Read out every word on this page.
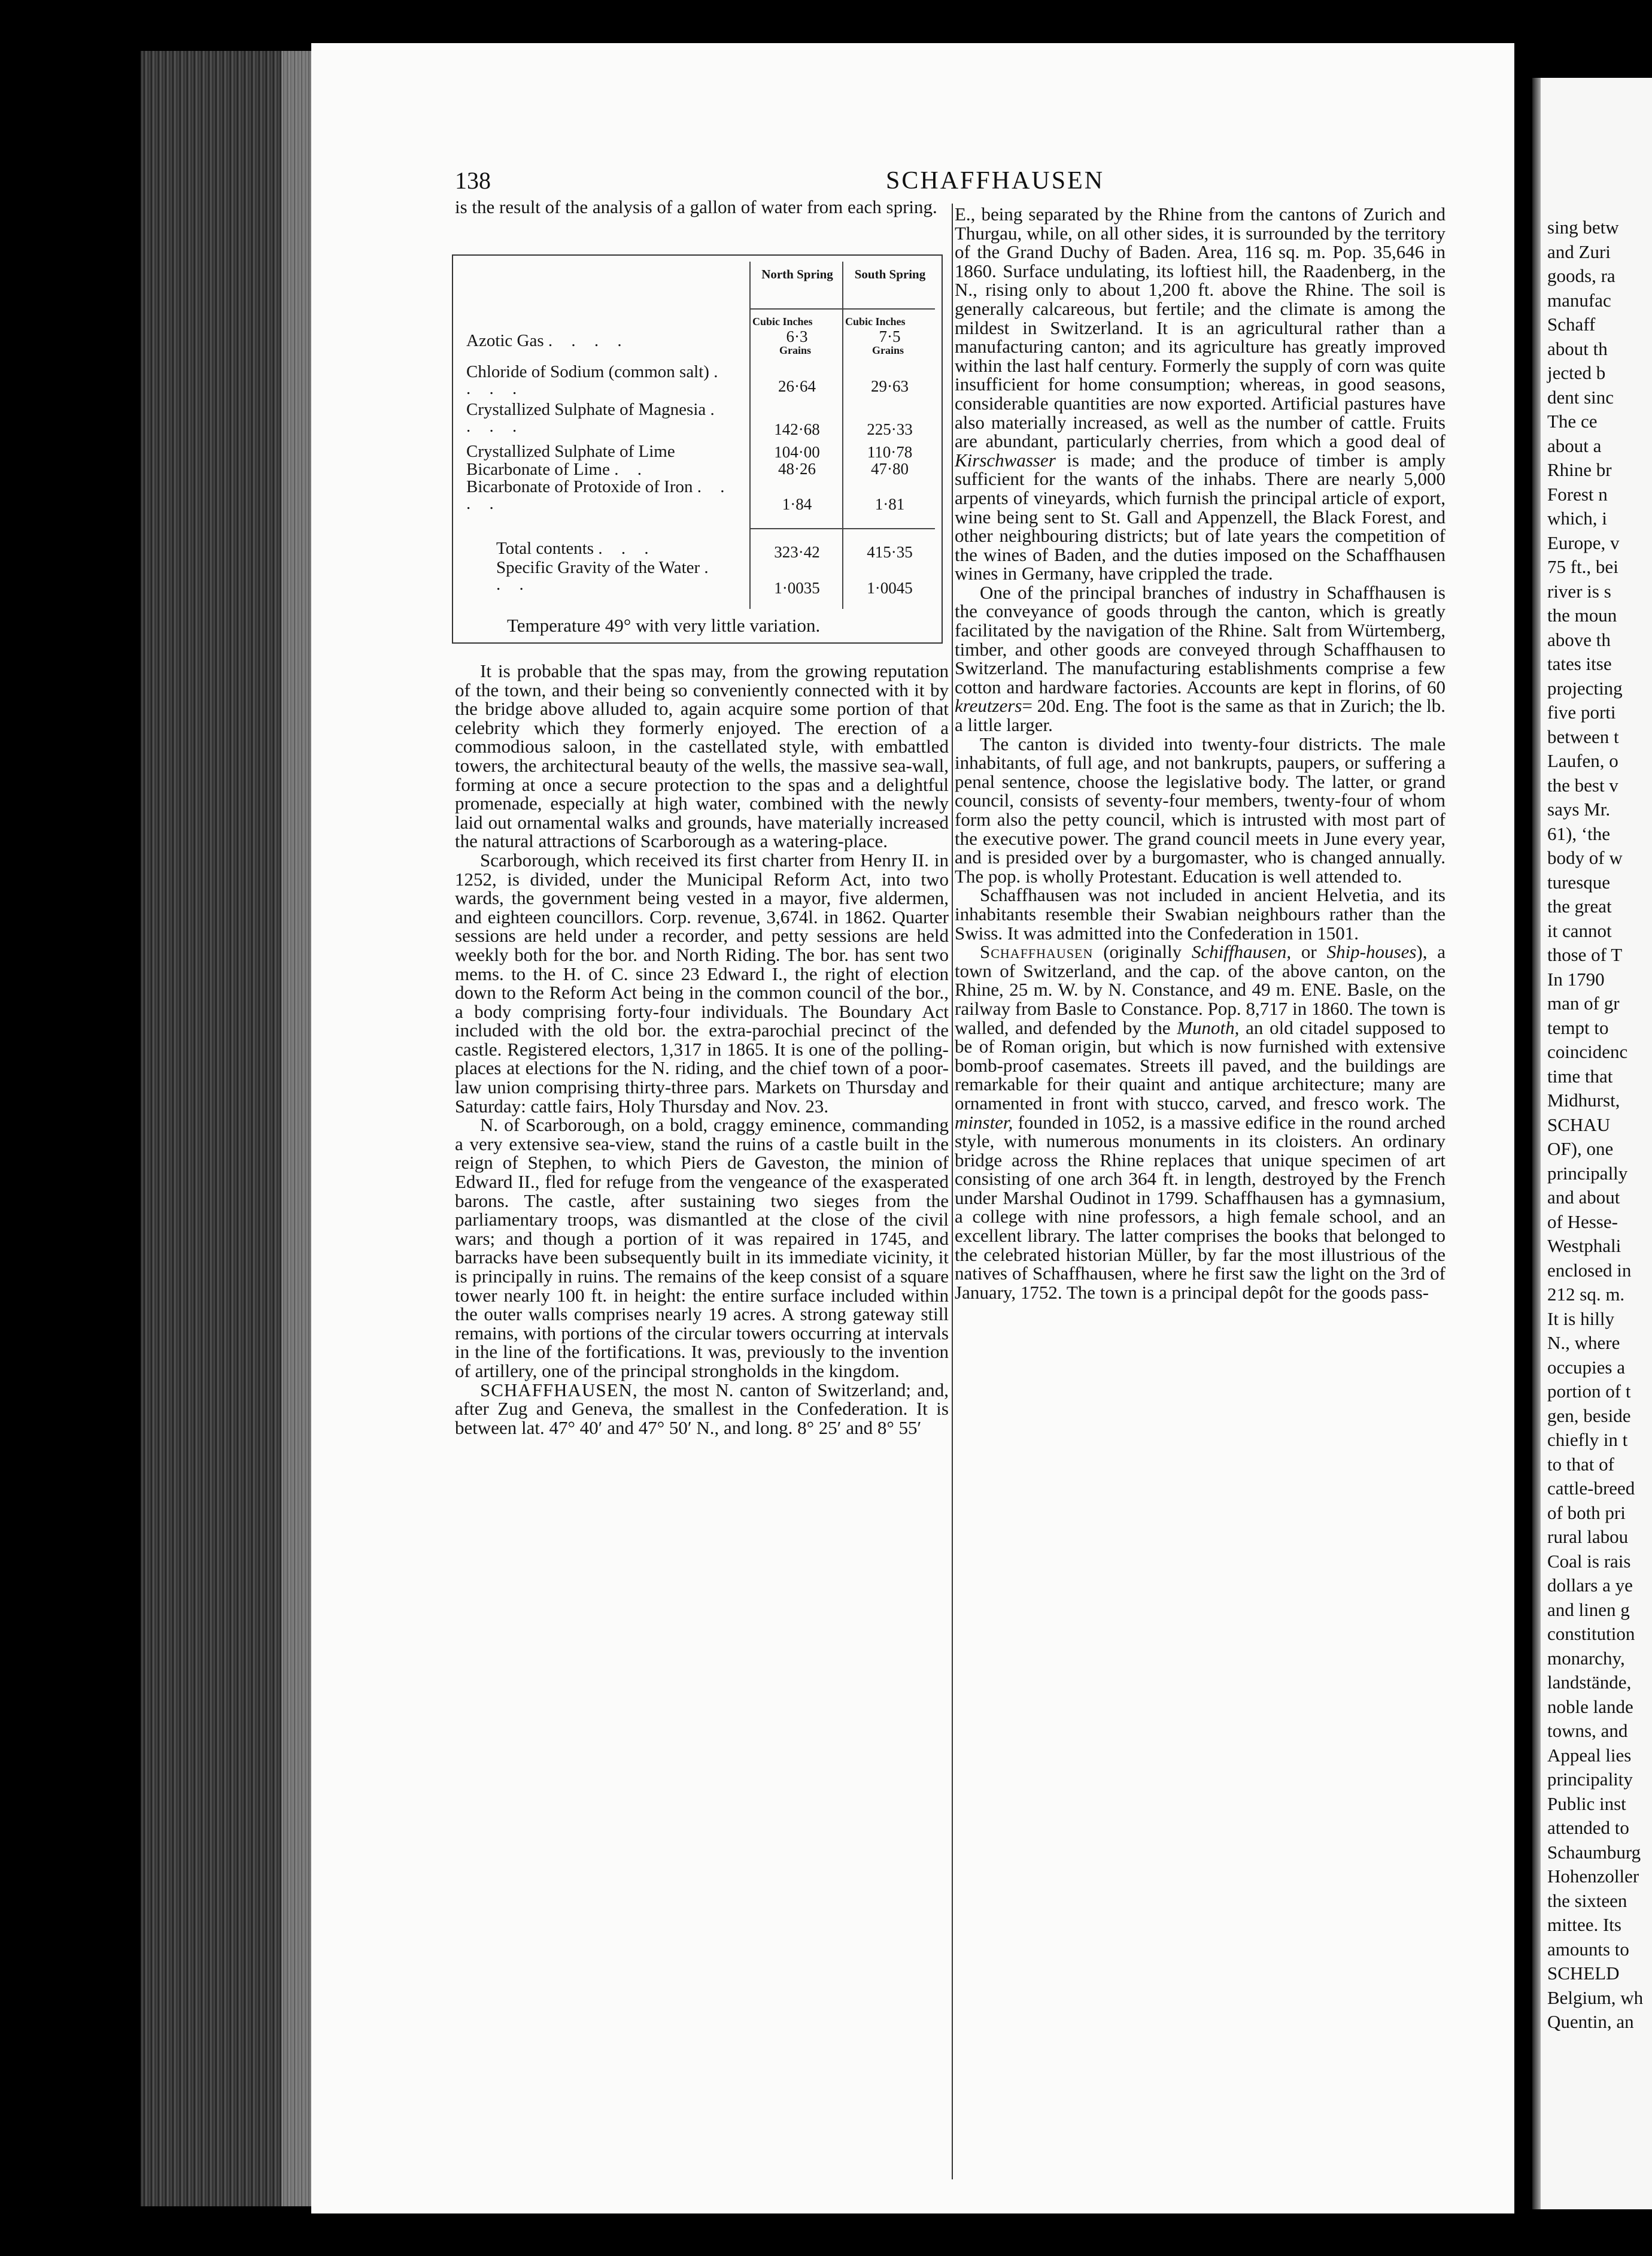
sing betw
and Zuri
goods, ra
manufac
Schaff
about th
jected b
dent sinc
The ce
about a
Rhine br
Forest n
which, i
Europe, v
75 ft., bei
river is s
the moun
above th
tates itse
projecting
five porti
between t
Laufen, o
the best v
says Mr.
61), ‘the
body of w
turesque
the great
it cannot
those of T
In 1790
man of gr
tempt to
coincidenc
time that
Midhurst,
SCHAU
OF), one
principally
and about
of Hesse-
Westphali
enclosed in
212 sq. m.
It is hilly
N., where
occupies a
portion of t
gen, beside
chiefly in t
to that of
cattle-breed
of both pri
rural labou
Coal is rais
dollars a ye
and linen g
constitution
monarchy,
landstände,
noble lande
towns, and
Appeal lies
principality
Public inst
attended to
Schaumburg
Hohenzoller
the sixteen
mittee. Its
amounts to
SCHELD
Belgium, wh
Quentin, an
138	SCHAFFHAUSEN

is the result of the analysis of a gallon of water from each spring.

North Spring	South Spring
Cubic Inches	Cubic Inches
Grains	Grains
Azotic Gas . . . .	6·3	7·5
Chloride of Sodium (common salt) . . . .	26·64	29·63
Crystallized Sulphate of Magnesia . . . .	142·68	225·33
Crystallized Sulphate of Lime	104·00	110·78
Bicarbonate of Lime . .	48·26	47·80
Bicarbonate of Protoxide of Iron . . . .	1·84	1·81
Total contents . . .	323·42	415·35
Specific Gravity of the Water . . .	1·0035	1·0045
Temperature 49° with very little variation.

It is probable that the spas may, from the growing reputation of the town, and their being so conveniently connected with it by the bridge above alluded to, again acquire some portion of that celebrity which they formerly enjoyed. The erection of a commodious saloon, in the castellated style, with embattled towers, the architectural beauty of the wells, the massive sea-wall, forming at once a secure protection to the spas and a delightful promenade, especially at high water, combined with the newly laid out ornamental walks and grounds, have materially increased the natural attractions of Scarborough as a watering-place.

Scarborough, which received its first charter from Henry II. in 1252, is divided, under the Municipal Reform Act, into two wards, the government being vested in a mayor, five aldermen, and eighteen councillors. Corp. revenue, 3,674l. in 1862. Quarter sessions are held under a recorder, and petty sessions are held weekly both for the bor. and North Riding. The bor. has sent two mems. to the H. of C. since 23 Edward I., the right of election down to the Reform Act being in the common council of the bor., a body comprising forty-four individuals. The Boundary Act included with the old bor. the extra-parochial precinct of the castle. Registered electors, 1,317 in 1865. It is one of the polling-places at elections for the N. riding, and the chief town of a poor-law union comprising thirty-three pars. Markets on Thursday and Saturday: cattle fairs, Holy Thursday and Nov. 23.

N. of Scarborough, on a bold, craggy eminence, commanding a very extensive sea-view, stand the ruins of a castle built in the reign of Stephen, to which Piers de Gaveston, the minion of Edward II., fled for refuge from the vengeance of the exasperated barons. The castle, after sustaining two sieges from the parliamentary troops, was dismantled at the close of the civil wars; and though a portion of it was repaired in 1745, and barracks have been subsequently built in its immediate vicinity, it is principally in ruins. The remains of the keep consist of a square tower nearly 100 ft. in height: the entire surface included within the outer walls comprises nearly 19 acres. A strong gateway still remains, with portions of the circular towers occurring at intervals in the line of the fortifications. It was, previously to the invention of artillery, one of the principal strongholds in the kingdom.

SCHAFFHAUSEN, the most N. canton of Switzerland; and, after Zug and Geneva, the smallest in the Confederation. It is between lat. 47° 40′ and 47° 50′ N., and long. 8° 25′ and 8° 55′

E., being separated by the Rhine from the cantons of Zurich and Thurgau, while, on all other sides, it is surrounded by the territory of the Grand Duchy of Baden. Area, 116 sq. m. Pop. 35,646 in 1860. Surface undulating, its loftiest hill, the Raadenberg, in the N., rising only to about 1,200 ft. above the Rhine. The soil is generally calcareous, but fertile; and the climate is among the mildest in Switzerland. It is an agricultural rather than a manufacturing canton; and its agriculture has greatly improved within the last half century. Formerly the supply of corn was quite insufficient for home consumption; whereas, in good seasons, considerable quantities are now exported. Artificial pastures have also materially increased, as well as the number of cattle. Fruits are abundant, particularly cherries, from which a good deal of Kirschwasser is made; and the produce of timber is amply sufficient for the wants of the inhabs. There are nearly 5,000 arpents of vineyards, which furnish the principal article of export, wine being sent to St. Gall and Appenzell, the Black Forest, and other neighbouring districts; but of late years the competition of the wines of Baden, and the duties imposed on the Schaffhausen wines in Germany, have crippled the trade.

One of the principal branches of industry in Schaffhausen is the conveyance of goods through the canton, which is greatly facilitated by the navigation of the Rhine. Salt from Würtemberg, timber, and other goods are conveyed through Schaffhausen to Switzerland. The manufacturing establishments comprise a few cotton and hardware factories. Accounts are kept in florins, of 60 kreutzers= 20d. Eng. The foot is the same as that in Zurich; the lb. a little larger.

The canton is divided into twenty-four districts. The male inhabitants, of full age, and not bankrupts, paupers, or suffering a penal sentence, choose the legislative body. The latter, or grand council, consists of seventy-four members, twenty-four of whom form also the petty council, which is intrusted with most part of the executive power. The grand council meets in June every year, and is presided over by a burgomaster, who is changed annually. The pop. is wholly Protestant. Education is well attended to.

Schaffhausen was not included in ancient Helvetia, and its inhabitants resemble their Swabian neighbours rather than the Swiss. It was admitted into the Confederation in 1501.

Schaffhausen (originally Schiffhausen, or Ship-houses), a town of Switzerland, and the cap. of the above canton, on the Rhine, 25 m. W. by N. Constance, and 49 m. ENE. Basle, on the railway from Basle to Constance. Pop. 8,717 in 1860. The town is walled, and defended by the Munoth, an old citadel supposed to be of Roman origin, but which is now furnished with extensive bomb-proof casemates. Streets ill paved, and the buildings are remarkable for their quaint and antique architecture; many are ornamented in front with stucco, carved, and fresco work. The minster, founded in 1052, is a massive edifice in the round arched style, with numerous monuments in its cloisters. An ordinary bridge across the Rhine replaces that unique specimen of art consisting of one arch 364 ft. in length, destroyed by the French under Marshal Oudinot in 1799. Schaffhausen has a gymnasium, a college with nine professors, a high female school, and an excellent library. The latter comprises the books that belonged to the celebrated historian Müller, by far the most illustrious of the natives of Schaffhausen, where he first saw the light on the 3rd of January, 1752. The town is a principal depôt for the goods pass-
